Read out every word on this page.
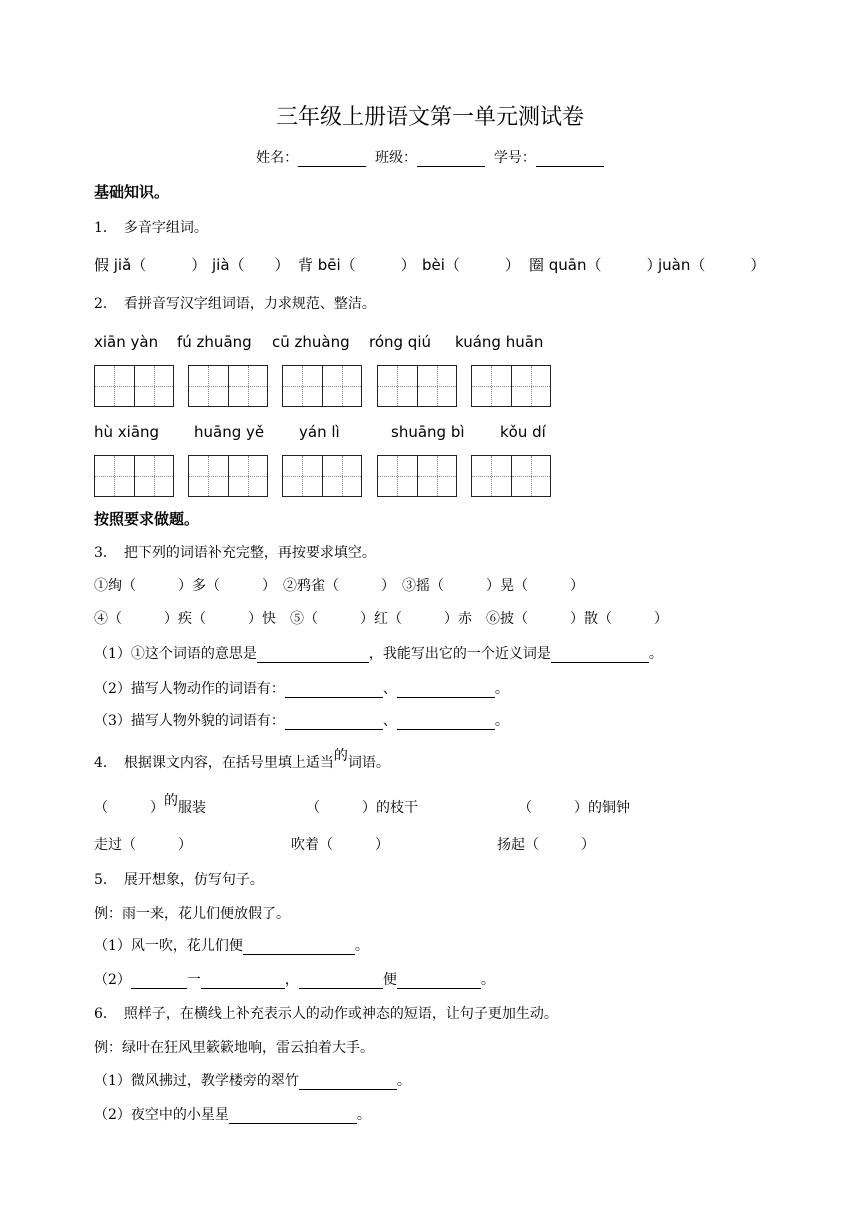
三年级上册语文第一单元测试卷
姓名：	班级：	学号：
基础知识。
1．　多音字组词。
假 jiǎ（　　　） jià（　　） 背 bēi（　　　） bèi（　　　） 圈 quān（　　　）
juàn（　　　）
2．　看拼音写汉字组词语，力求规范、整洁。
xiān yàn fú zhuāng cū zhuàng róng qiú kuáng huān
hù xiāng huāng yě yán lì	shuāng bì kǒu dí
按照要求做题。
3．　把下列的词语补充完整，再按要求填空。
①绚（　　　）多（　　　）　②鸦雀（　　　）　③摇（　　　）晃（　　　）
④（　　　）疾（　　　）快　⑤（　　　）红（　　　）赤　⑥披（　　　）散（　　　）
（1）①这个词语的意思是	，我能写出它的一个近义词是	。
（2）描写人物动作的词语有：	、	。
（3）描写人物外貌的词语有：	、	。
4．　根据课文内容，在括号里填上适当的词语。
（　　　）的服装	（　　　）的枝干	（　　　）的铜钟
走过（　　　）	吹着（　　　）	扬起（　　　）
5．　展开想象，仿写句子。
例：雨一来，花儿们便放假了。
（1）风一吹，花儿们便	。
（2）	一	，	便	。
6．　照样子，在横线上补充表示人的动作或神态的短语，让句子更加生动。
例：绿叶在狂风里簌簌地响，雷云拍着大手。
（1）微风拂过，教学楼旁的翠竹	。
（2）夜空中的小星星	。
